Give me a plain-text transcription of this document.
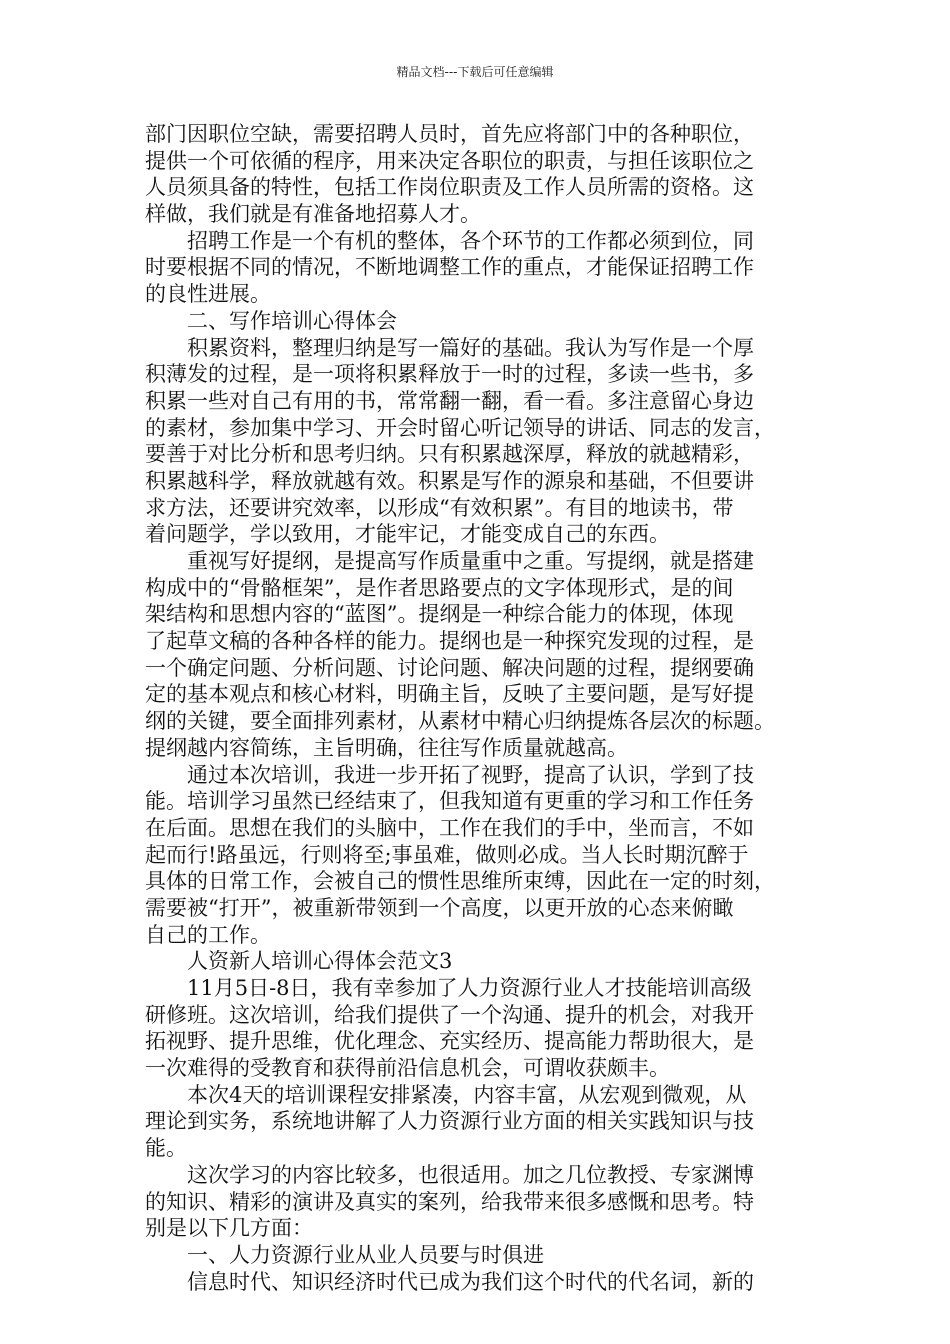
精品文档---下载后可任意编辑
部门因职位空缺，需要招聘人员时，首先应将部门中的各种职位，
提供一个可依循的程序，用来决定各职位的职责，与担任该职位之
人员须具备的特性，包括工作岗位职责及工作人员所需的资格。这
样做，我们就是有准备地招募人才。
招聘工作是一个有机的整体，各个环节的工作都必须到位，同
时要根据不同的情况，不断地调整工作的重点，才能保证招聘工作
的良性进展。
二、写作培训心得体会
积累资料，整理归纳是写一篇好的基础。我认为写作是一个厚
积薄发的过程，是一项将积累释放于一时的过程，多读一些书，多
积累一些对自己有用的书，常常翻一翻，看一看。多注意留心身边
的素材，参加集中学习、开会时留心听记领导的讲话、同志的发言，
要善于对比分析和思考归纳。只有积累越深厚，释放的就越精彩，
积累越科学，释放就越有效。积累是写作的源泉和基础，不但要讲
求方法，还要讲究效率，以形成“有效积累”。有目的地读书，带
着问题学，学以致用，才能牢记，才能变成自己的东西。
重视写好提纲，是提高写作质量重中之重。写提纲，就是搭建
构成中的“骨骼框架”，是作者思路要点的文字体现形式，是的间
架结构和思想内容的“蓝图”。提纲是一种综合能力的体现，体现
了起草文稿的各种各样的能力。提纲也是一种探究发现的过程，是
一个确定问题、分析问题、讨论问题、解决问题的过程，提纲要确
定的基本观点和核心材料，明确主旨，反映了主要问题，是写好提
纲的关键，要全面排列素材，从素材中精心归纳提炼各层次的标题。
提纲越内容简练，主旨明确，往往写作质量就越高。
通过本次培训，我进一步开拓了视野，提高了认识，学到了技
能。培训学习虽然已经结束了，但我知道有更重的学习和工作任务
在后面。思想在我们的头脑中，工作在我们的手中，坐而言，不如
起而行!路虽远，行则将至;事虽难，做则必成。当人长时期沉醉于
具体的日常工作，会被自己的惯性思维所束缚，因此在一定的时刻，
需要被“打开”，被重新带领到一个高度，以更开放的心态来俯瞰
自己的工作。
人资新人培训心得体会范文3
11月5日-8日，我有幸参加了人力资源行业人才技能培训高级
研修班。这次培训，给我们提供了一个沟通、提升的机会，对我开
拓视野、提升思维，优化理念、充实经历、提高能力帮助很大，是
一次难得的受教育和获得前沿信息机会，可谓收获颇丰。
本次4天的培训课程安排紧凑，内容丰富，从宏观到微观，从
理论到实务，系统地讲解了人力资源行业方面的相关实践知识与技
能。
这次学习的内容比较多，也很适用。加之几位教授、专家渊博
的知识、精彩的演讲及真实的案列，给我带来很多感慨和思考。特
别是以下几方面：
一、人力资源行业从业人员要与时俱进
信息时代、知识经济时代已成为我们这个时代的代名词，新的
